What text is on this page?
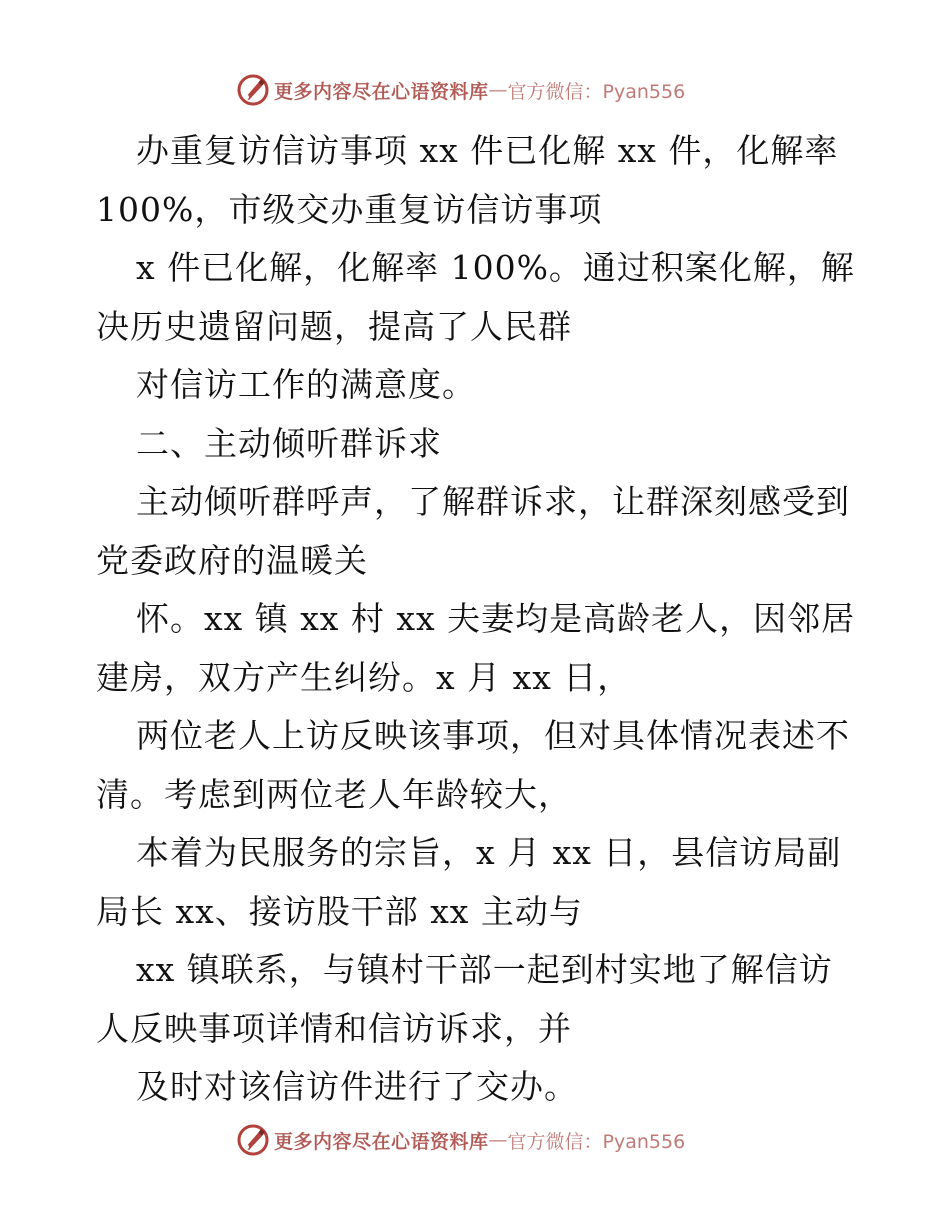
更多内容尽在心语资料库 — 官方微信：Pyan556

办重复访信访事项 xx 件已化解 xx 件，化解率 100%，市级交办重复访信访事项

x 件已化解，化解率 100%。通过积案化解，解决历史遗留问题，提高了人民群

对信访工作的满意度。

二、主动倾听群诉求

主动倾听群呼声，了解群诉求，让群深刻感受到党委政府的温暖关

怀。xx 镇 xx 村 xx 夫妻均是高龄老人，因邻居建房，双方产生纠纷。x 月 xx 日，

两位老人上访反映该事项，但对具体情况表述不清。考虑到两位老人年龄较大，

本着为民服务的宗旨，x 月 xx 日，县信访局副局长 xx、接访股干部 xx 主动与

xx 镇联系，与镇村干部一起到村实地了解信访人反映事项详情和信访诉求，并

及时对该信访件进行了交办。

更多内容尽在心语资料库 — 官方微信：Pyan556
